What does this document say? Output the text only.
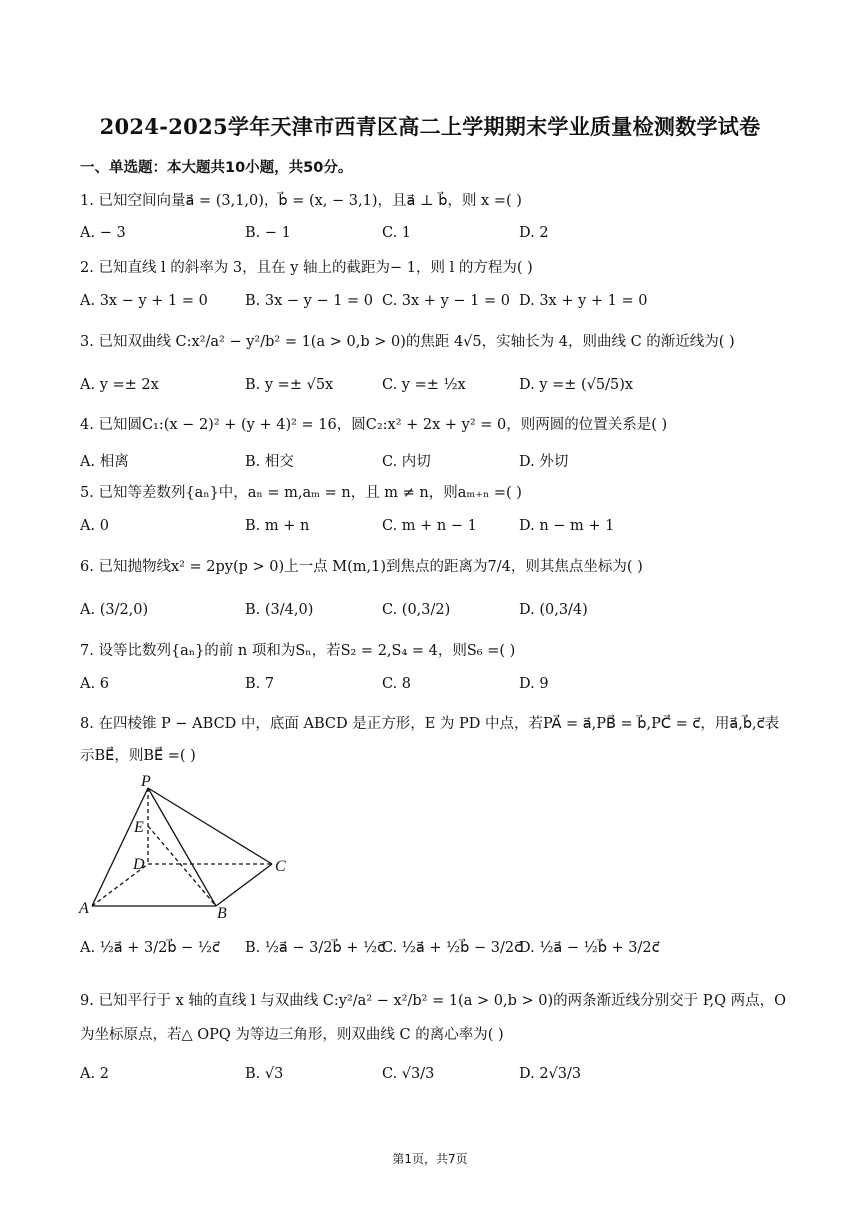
2024-2025学年天津市西青区高二上学期期末学业质量检测数学试卷
一、单选题：本大题共10小题，共50分。
1. 已知空间向量a⃗ = (3,1,0)，b⃗ = (x, − 3,1)，且a⃗ ⊥ b⃗，则 x =( )
A. − 3	B. − 1	C. 1	D. 2
2. 已知直线 l 的斜率为 3，且在 y 轴上的截距为− 1，则 l 的方程为( )
A. 3x − y + 1 = 0	B. 3x − y − 1 = 0 C. 3x + y − 1 = 0 D. 3x + y + 1 = 0
3. 已知双曲线 C:x²/a² − y²/b² = 1(a > 0,b > 0)的焦距 4√5，实轴长为 4，则曲线 C 的渐近线为( )
A. y =± 2x	B. y =± √5x	C. y =± ½x	D. y =± (√5/5)x
4. 已知圆C₁:(x − 2)² + (y + 4)² = 16，圆C₂:x² + 2x + y² = 0，则两圆的位置关系是( )
A. 相离	B. 相交	C. 内切	D. 外切
5. 已知等差数列{aₙ}中，aₙ = m,aₘ = n，且 m ≠ n，则aₘ₊ₙ =( )
A. 0	B. m + n	C. m + n − 1	D. n − m + 1
6. 已知抛物线x² = 2py(p > 0)上一点 M(m,1)到焦点的距离为7/4，则其焦点坐标为( )
A. (3/2,0)	B. (3/4,0)	C. (0,3/2)	D. (0,3/4)
7. 设等比数列{aₙ}的前 n 项和为Sₙ，若S₂ = 2,S₄ = 4，则S₆ =( )
A. 6	B. 7	C. 8	D. 9
8. 在四棱锥 P − ABCD 中，底面 ABCD 是正方形，E 为 PD 中点，若PA⃗ = a⃗,PB⃗ = b⃗,PC⃗ = c⃗，用a⃗,b⃗,c⃗表示BE⃗，则BE⃗ =( )
P
E
D	C
A	B
A. ½a⃗ + 3/2b⃗ − ½c⃗ B. ½a⃗ − 3/2b⃗ + ½c⃗
C. ½a⃗ + ½b⃗ − 3/2c⃗
D. ½a⃗ − ½b⃗ + 3/2c⃗
9. 已知平行于 x 轴的直线 l 与双曲线 C:y²/a² − x²/b² = 1(a > 0,b > 0)的两条渐近线分别交于 P,Q 两点，O 为坐标原点，若△ OPQ 为等边三角形，则双曲线 C 的离心率为( )
A. 2	B. √3	C. √3/3	D. 2√3/3
第1页，共7页
